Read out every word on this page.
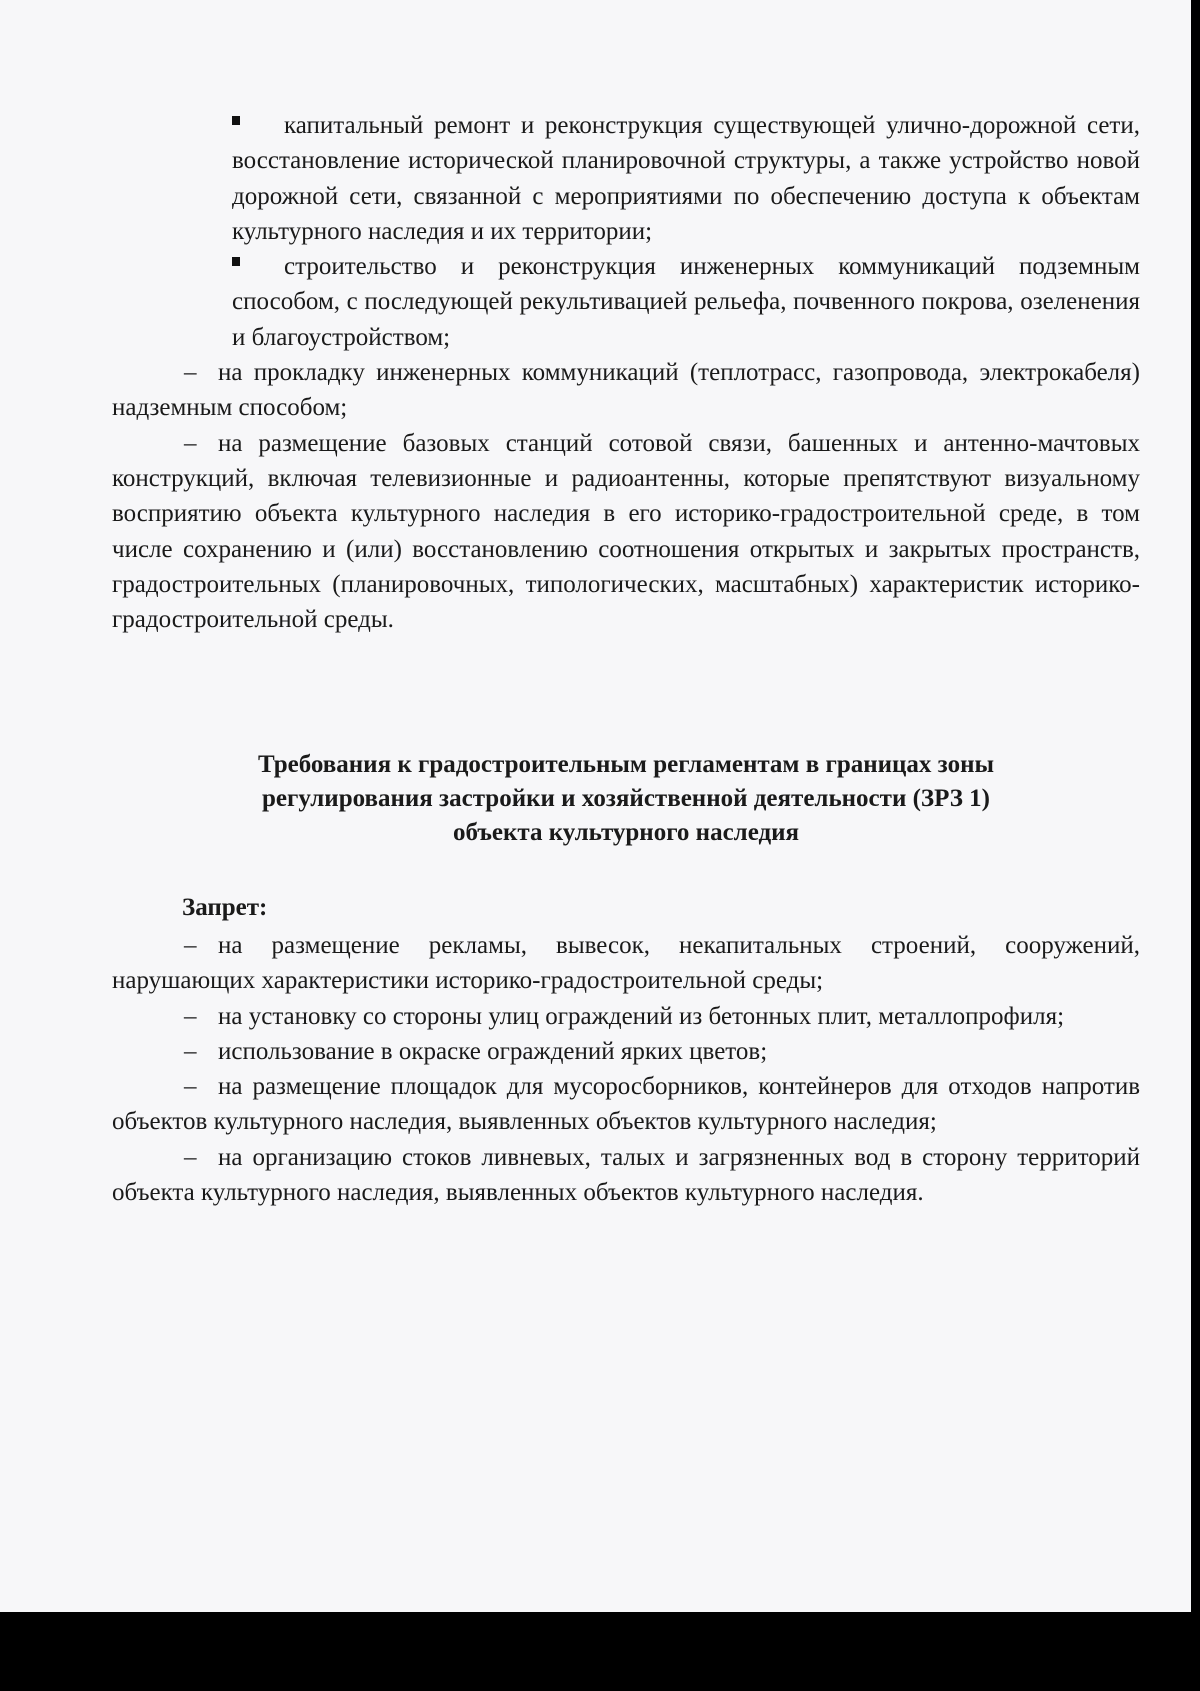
капитальный ремонт и реконструкция существующей улично-дорожной сети, восстановление исторической планировочной структуры, а также устройство новой дорожной сети, связанной с мероприятиями по обеспечению доступа к объектам культурного наследия и их территории;

строительство и реконструкция инженерных коммуникаций подземным способом, с последующей рекультивацией рельефа, почвенного покрова, озеленения и благоустройством;

– на прокладку инженерных коммуникаций (теплотрасс, газопровода, электрокабеля) надземным способом;

– на размещение базовых станций сотовой связи, башенных и антенно-мачтовых конструкций, включая телевизионные и радиоантенны, которые препятствуют визуальному восприятию объекта культурного наследия в его историко-градостроительной среде, в том числе сохранению и (или) восстановлению соотношения открытых и закрытых пространств, градостроительных (планировочных, типологических, масштабных) характеристик историко-градостроительной среды.

Требования к градостроительным регламентам в границах зоны
регулирования застройки и хозяйственной деятельности (ЗРЗ 1)
объекта культурного наследия
Запрет:

– на размещение рекламы, вывесок, некапитальных строений, сооружений, нарушающих характеристики историко-градостроительной среды;

– на установку со стороны улиц ограждений из бетонных плит, металлопрофиля;

– использование в окраске ограждений ярких цветов;

– на размещение площадок для мусоросборников, контейнеров для отходов напротив объектов культурного наследия, выявленных объектов культурного наследия;

– на организацию стоков ливневых, талых и загрязненных вод в сторону территорий объекта культурного наследия, выявленных объектов культурного наследия.
